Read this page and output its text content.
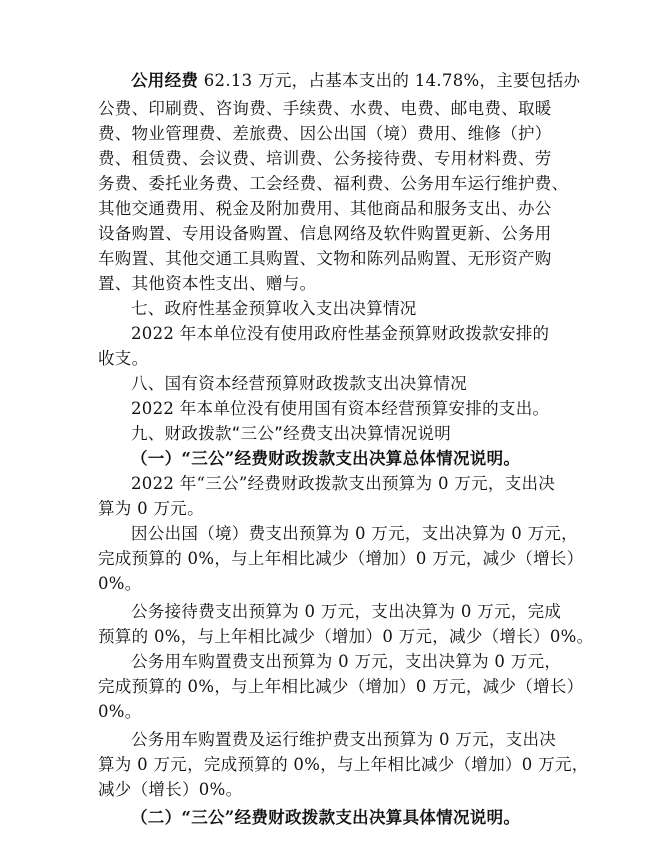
公用经费 62.13 万元，占基本支出的 14.78%，主要包括办
公费、印刷费、咨询费、手续费、水费、电费、邮电费、取暖
费、物业管理费、差旅费、因公出国（境）费用、维修（护）
费、租赁费、会议费、培训费、公务接待费、专用材料费、劳
务费、委托业务费、工会经费、福利费、公务用车运行维护费、
其他交通费用、税金及附加费用、其他商品和服务支出、办公
设备购置、专用设备购置、信息网络及软件购置更新、公务用
车购置、其他交通工具购置、文物和陈列品购置、无形资产购
置、其他资本性支出、赠与。
七、政府性基金预算收入支出决算情况
2022 年本单位没有使用政府性基金预算财政拨款安排的
收支。
八、国有资本经营预算财政拨款支出决算情况
2022 年本单位没有使用国有资本经营预算安排的支出。
九、财政拨款“三公”经费支出决算情况说明
（一）“三公”经费财政拨款支出决算总体情况说明。
2022 年“三公”经费财政拨款支出预算为 0 万元，支出决
算为 0 万元。
因公出国（境）费支出预算为 0 万元，支出决算为 0 万元，
完成预算的 0%，与上年相比减少（增加）0 万元，减少（增长）
0%。
公务接待费支出预算为 0 万元，支出决算为 0 万元，完成
预算的 0%，与上年相比减少（增加）0 万元，减少（增长）0%。
公务用车购置费支出预算为 0 万元，支出决算为 0 万元，
完成预算的 0%，与上年相比减少（增加）0 万元，减少（增长）
0%。
公务用车购置费及运行维护费支出预算为 0 万元，支出决
算为 0 万元，完成预算的 0%，与上年相比减少（增加）0 万元，
减少（增长）0%。
（二）“三公”经费财政拨款支出决算具体情况说明。
